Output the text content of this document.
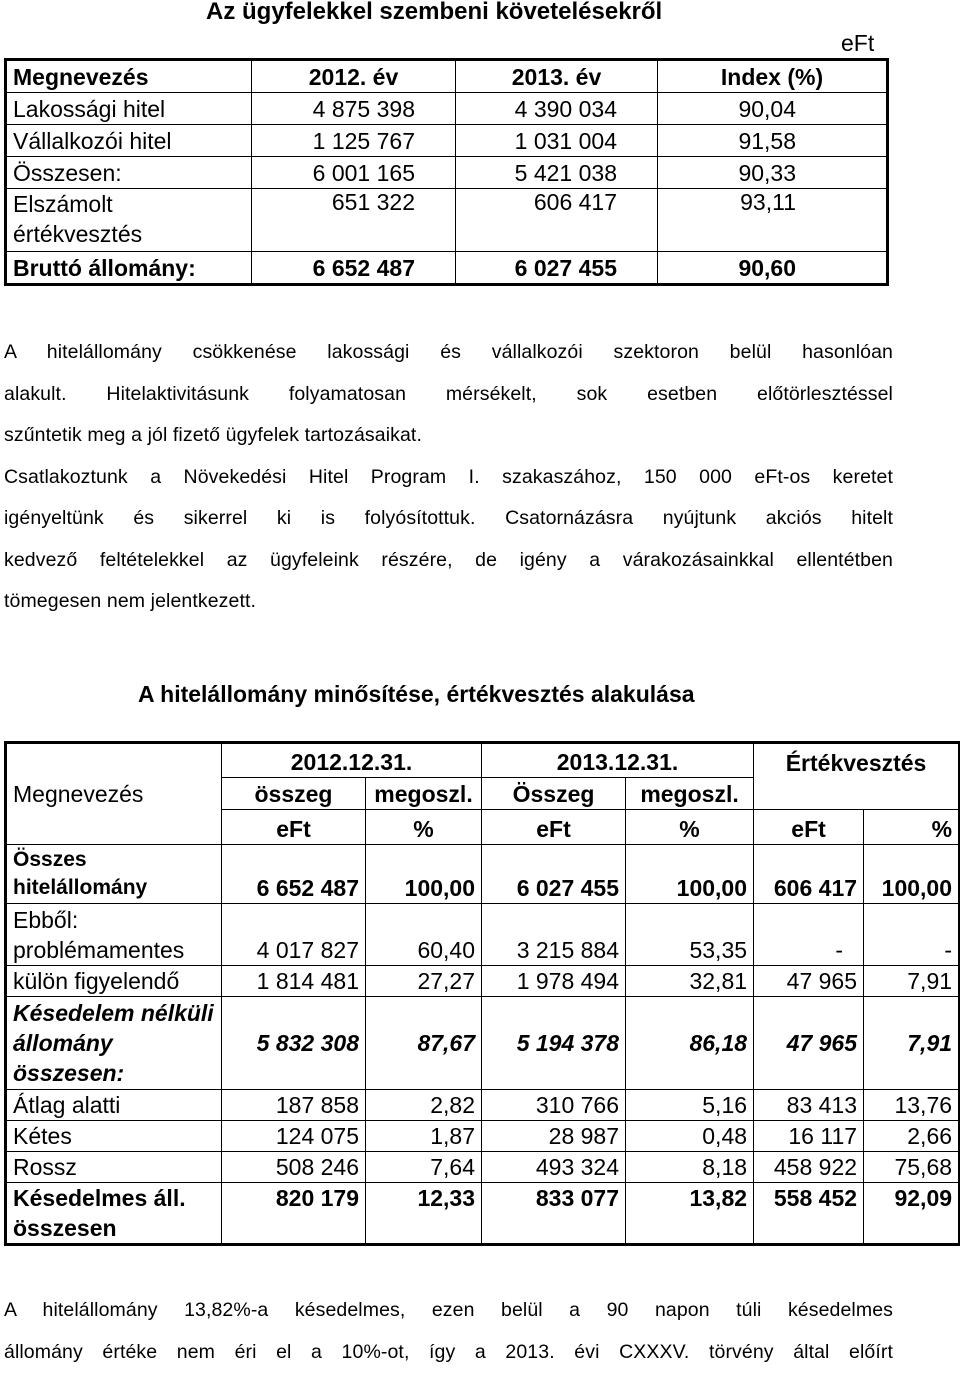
Az ügyfelekkel szembeni követelésekről
eFt
Megnevezés	2012. év	2013. év	Index (%)
Lakossági hitel	4 875 398	4 390 034	90,04
Vállalkozói hitel	1 125 767	1 031 004	91,58
Összesen:	6 001 165	5 421 038	90,33
Elszámolt értékvesztés	651 322	606 417	93,11
Bruttó állomány:	6 652 487	6 027 455	90,60
A hitelállomány csökkenése lakossági és vállalkozói szektoron belül hasonlóan
alakult. Hitelaktivitásunk folyamatosan mérsékelt, sok esetben előtörlesztéssel
szűntetik meg a jól fizető ügyfelek tartozásaikat.
Csatlakoztunk a Növekedési Hitel Program I. szakaszához, 150 000 eFt-os keretet
igényeltünk és sikerrel ki is folyósítottuk. Csatornázásra nyújtunk akciós hitelt
kedvező feltételekkel az ügyfeleink részére, de igény a várakozásainkkal ellentétben
tömegesen nem jelentkezett.
A hitelállomány minősítése, értékvesztés alakulása
Megnevezés	2012.12.31.		2013.12.31.		Értékvesztés	
	összeg	megoszl.	Összeg	megoszl.		
	eFt	%	eFt	%	eFt	%
Összes hitelállomány	6 652 487	100,00	6 027 455	100,00	606 417	100,00
Ebből:
problémamentes	4 017 827	60,40	3 215 884	53,35	-	-
külön figyelendő	1 814 481	27,27	1 978 494	32,81	47 965	7,91
Késedelem nélküli állomány összesen:	5 832 308	87,67	5 194 378	86,18	47 965	7,91
Átlag alatti	187 858	2,82	310 766	5,16	83 413	13,76
Kétes	124 075	1,87	28 987	0,48	16 117	2,66
Rossz	508 246	7,64	493 324	8,18	458 922	75,68
Késedelmes áll. összesen	820 179	12,33	833 077	13,82	558 452	92,09
A hitelállomány 13,82%-a késedelmes, ezen belül a 90 napon túli késedelmes
állomány értéke nem éri el a 10%-ot, így a 2013. évi CXXXV. törvény által előírt
